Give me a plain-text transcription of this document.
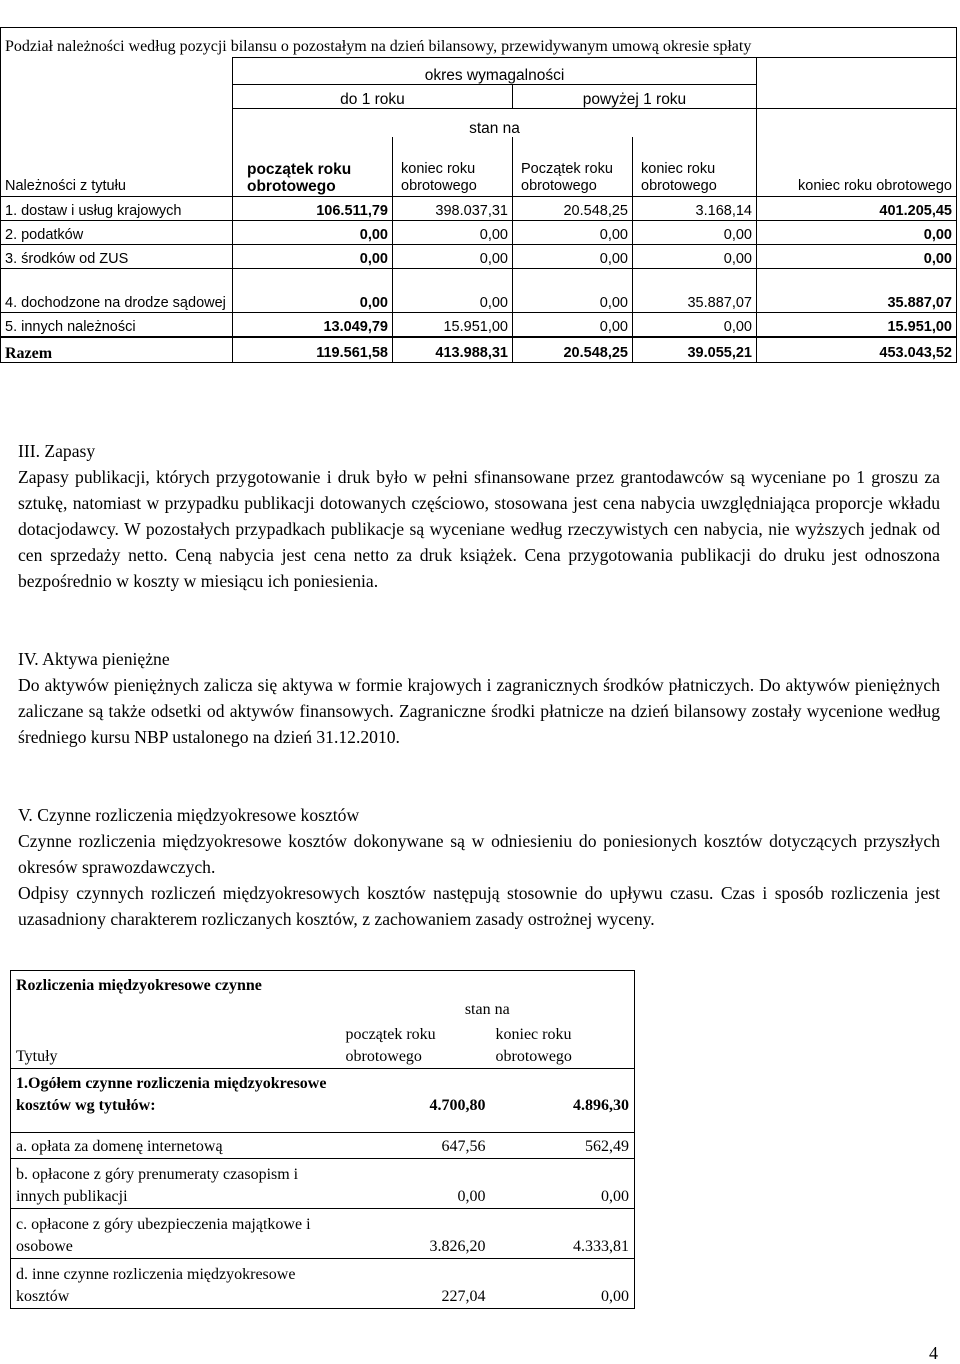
Podział należności według pozycji bilansu o pozostałym na dzień bilansowy, przewidywanym umową okresie spłaty					
	okres wymagalności				
	do 1 roku		powyżej 1 roku		
	stan na				
Należności z tytułu	początek roku obrotowego	koniec roku obrotowego	Początek roku obrotowego	koniec roku obrotowego	koniec roku obrotowego
1. dostaw i usług krajowych	106.511,79	398.037,31	20.548,25	3.168,14	401.205,45
2. podatków	0,00	0,00	0,00	0,00	0,00
3. środków od ZUS	0,00	0,00	0,00	0,00	0,00
4. dochodzone na drodze sądowej	0,00	0,00	0,00	35.887,07	35.887,07
5. innych należności	13.049,79	15.951,00	0,00	0,00	15.951,00
Razem	119.561,58	413.988,31	20.548,25	39.055,21	453.043,52

III. Zapasy

Zapasy publikacji, których przygotowanie i druk było w pełni sfinansowane przez grantodawców są wyceniane po 1 groszu za sztukę, natomiast w przypadku publikacji dotowanych częściowo, stosowana jest cena nabycia uwzględniająca proporcje wkładu dotacjodawcy. W pozostałych przypadkach publikacje są wyceniane według rzeczywistych cen nabycia, nie wyższych jednak od cen sprzedaży netto. Ceną nabycia jest cena netto za druk książek. Cena przygotowania publikacji do druku jest odnoszona bezpośrednio w koszty w miesiącu ich poniesienia.

IV. Aktywa pieniężne

Do aktywów pieniężnych zalicza się aktywa w formie krajowych i zagranicznych środków płatniczych. Do aktywów pieniężnych zaliczane są także odsetki od aktywów finansowych. Zagraniczne środki płatnicze na dzień bilansowy zostały wycenione według średniego kursu NBP ustalonego na dzień 31.12.2010.

V. Czynne rozliczenia międzyokresowe kosztów

Czynne rozliczenia międzyokresowe kosztów dokonywane są w odniesieniu do poniesionych kosztów dotyczących przyszłych okresów sprawozdawczych.

Odpisy czynnych rozliczeń międzyokresowych kosztów następują stosownie do upływu czasu. Czas i sposób rozliczenia jest uzasadniony charakterem rozliczanych kosztów, z zachowaniem zasady ostrożnej wyceny.

Rozliczenia międzyokresowe czynne		
	stan na	
Tytuły	początek roku obrotowego	koniec roku obrotowego
1.Ogółem czynne rozliczenia międzyokresowe kosztów wg tytułów:	4.700,80	4.896,30

a. opłata za domenę internetową	647,56	562,49
b. opłacone z góry prenumeraty czasopism i innych publikacji	0,00	0,00
c. opłacone z góry ubezpieczenia majątkowe i osobowe	3.826,20	4.333,81
d. inne czynne rozliczenia międzyokresowe kosztów	227,04	0,00
4
